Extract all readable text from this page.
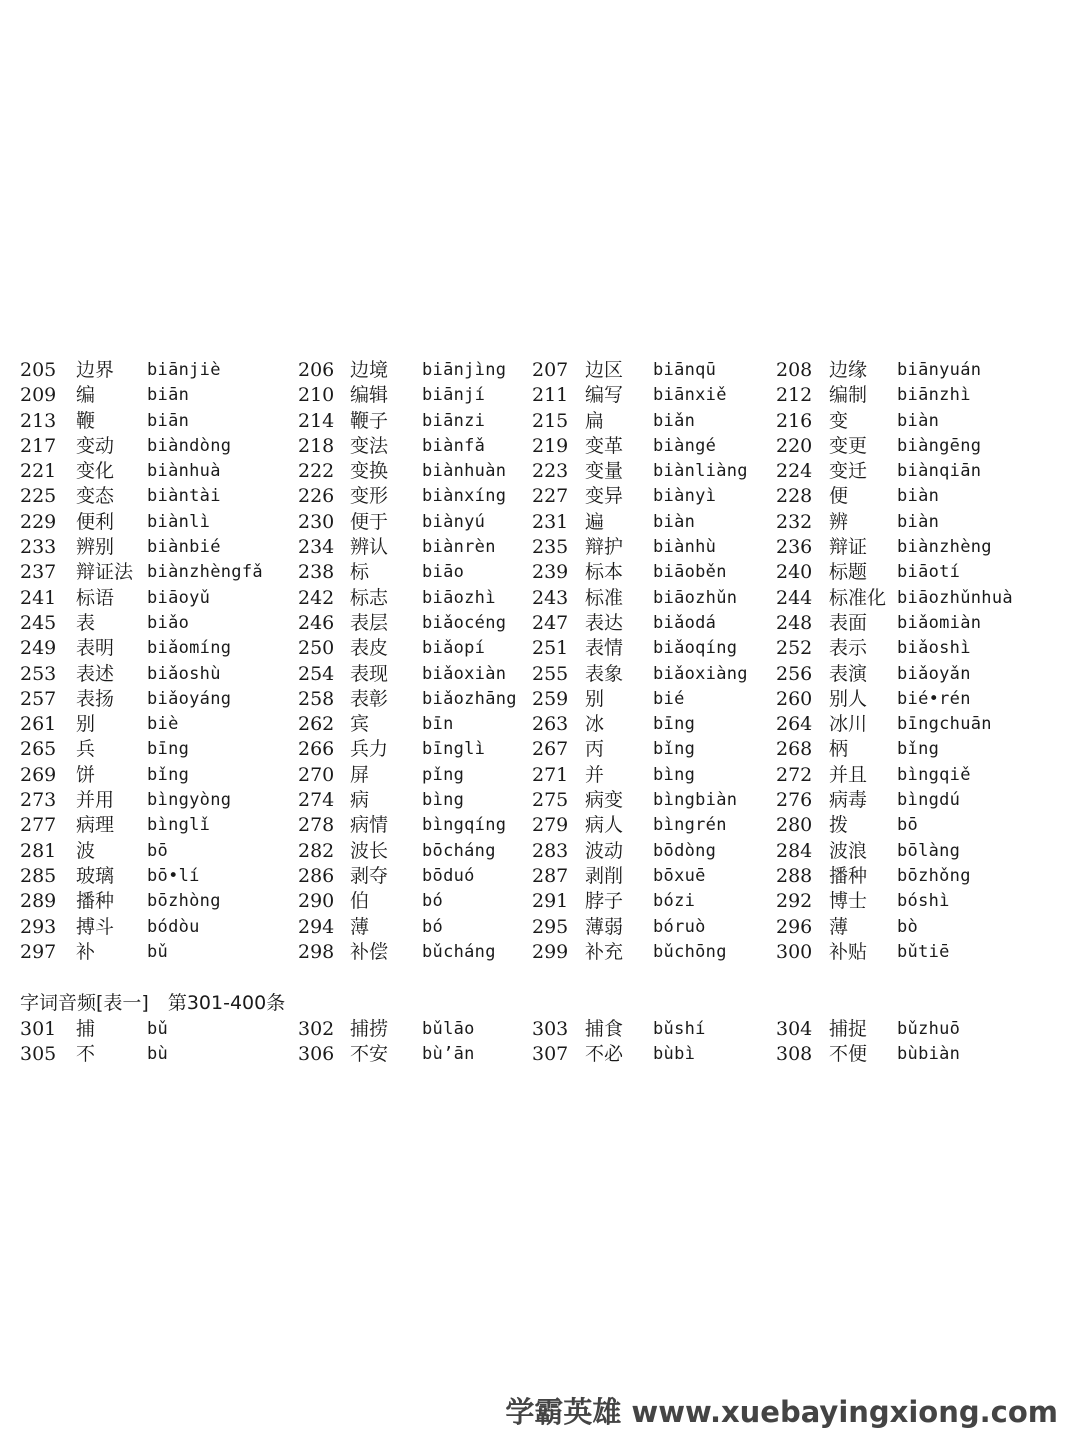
205 边界 biānjiè	206 边境 biānjìng 207 边区 biānqū	208 边缘 biānyuán
209 编	biān	210 编辑 biānjí 211 编写 biānxiě	212 编制 biānzhì
213 鞭	biān	214 鞭子 biānzi 215 扁	biǎn	216 变	biàn
217 变动 biàndòng	218 变法 biànfǎ 219 变革 biàngé	220 变更 biàngēng
221 变化 biànhuà	222 变换 biànhuàn 223 变量 biànliàng 224 变迁 biànqiān
225 变态 biàntài	226 变形 biànxíng 227 变异 biànyì	228 便	biàn
229 便利 biànlì	230 便于 biànyú 231 遍	biàn	232 辨	biàn
233 辨别 biànbié	234 辨认 biànrèn 235 辩护 biànhù	236 辩证 biànzhèng
237 辩证法 biànzhèngfǎ 238 标	biāo	239 标本 biāoběn	240 标题 biāotí
241 标语 biāoyǔ	242 标志 biāozhì 243 标准 biāozhǔn 244 标准化 biāozhǔnhuà
245 表	biǎo	246 表层 biǎocéng 247 表达 biǎodá	248 表面 biǎomiàn
249 表明 biǎomíng	250 表皮 biǎopí 251 表情 biǎoqíng 252 表示 biǎoshì
253 表述 biǎoshù	254 表现 biǎoxiàn 255 表象 biǎoxiàng 256 表演 biǎoyǎn
257 表扬 biǎoyáng	258 表彰 biǎozhāng 259 别	bié	260 别人 bié•rén
261 别	biè	262 宾	bīn	263 冰	bīng	264 冰川 bīngchuān
265 兵	bīng	266 兵力 bīnglì 267 丙	bǐng	268 柄	bǐng
269 饼	bǐng	270 屏	pǐng	271 并	bìng	272 并且 bìngqiě
273 并用 bìngyòng	274 病	bìng	275 病变 bìngbiàn 276 病毒 bìngdú
277 病理 bìnglǐ	278 病情 bìngqíng 279 病人 bìngrén	280 拨	bō
281 波	bō	282 波长 bōcháng 283 波动 bōdòng	284 波浪 bōlàng
285 玻璃 bō•lí	286 剥夺 bōduó	287 剥削 bōxuē	288 播种 bōzhǒng
289 播种 bōzhòng	290 伯	bó	291 脖子 bózi	292 博士 bóshì
293 搏斗 bódòu	294 薄	bó	295 薄弱 bóruò	296 薄	bò
297 补	bǔ	298 补偿 bǔcháng 299 补充 bǔchōng	300 补贴 bǔtiē
字词音频[表一]　第301-400条
301 捕	bǔ	302 捕捞 bǔlāo	303 捕食 bǔshí	304 捕捉 bǔzhuō
305 不	bù	306 不安 bù’ān	307 不必 bùbì	308 不便 bùbiàn
学霸英雄 www.xuebayingxiong.com
